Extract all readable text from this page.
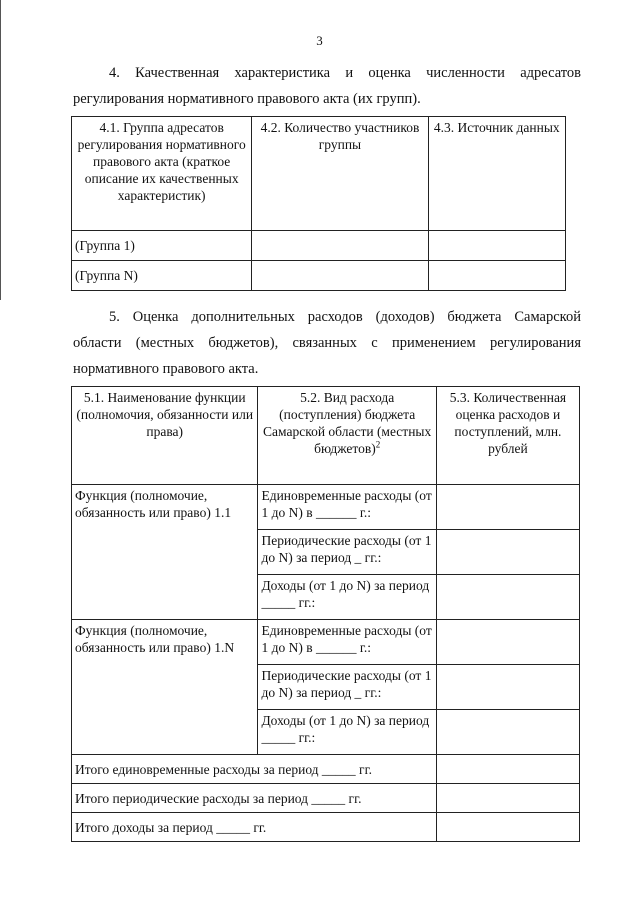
3
4. Качественная характеристика и оценка численности адресатов
регулирования нормативного правового акта (их групп).
4.1. Группа адресатов регулирования нормативного правового акта (краткое описание их качественных характеристик)	4.2. Количество участников группы	4.3. Источник данных
(Группа 1)		
(Группа N)		
5. Оценка дополнительных расходов (доходов) бюджета Самарской
области (местных бюджетов), связанных с применением регулирования
нормативного правового акта.
5.1. Наименование функции (полномочия, обязанности или права)	5.2. Вид расхода (поступления) бюджета Самарской области (местных бюджетов)$^2$	5.3. Количественная оценка расходов и поступлений, млн. рублей
Функция (полномочие, обязанность или право) 1.1	Единовременные расходы (от 1 до N) в ______ г.:	
	Периодические расходы (от 1 до N) за период _ гг.:	
	Доходы (от 1 до N) за период _____ гг.:	
Функция (полномочие, обязанность или право) 1.N	Единовременные расходы (от 1 до N) в ______ г.:	
	Периодические расходы (от 1 до N) за период _ гг.:	
	Доходы (от 1 до N) за период _____ гг.:	
Итого единовременные расходы за период _____ гг.		
Итого периодические расходы за период _____ гг.		
Итого доходы за период _____ гг.		
